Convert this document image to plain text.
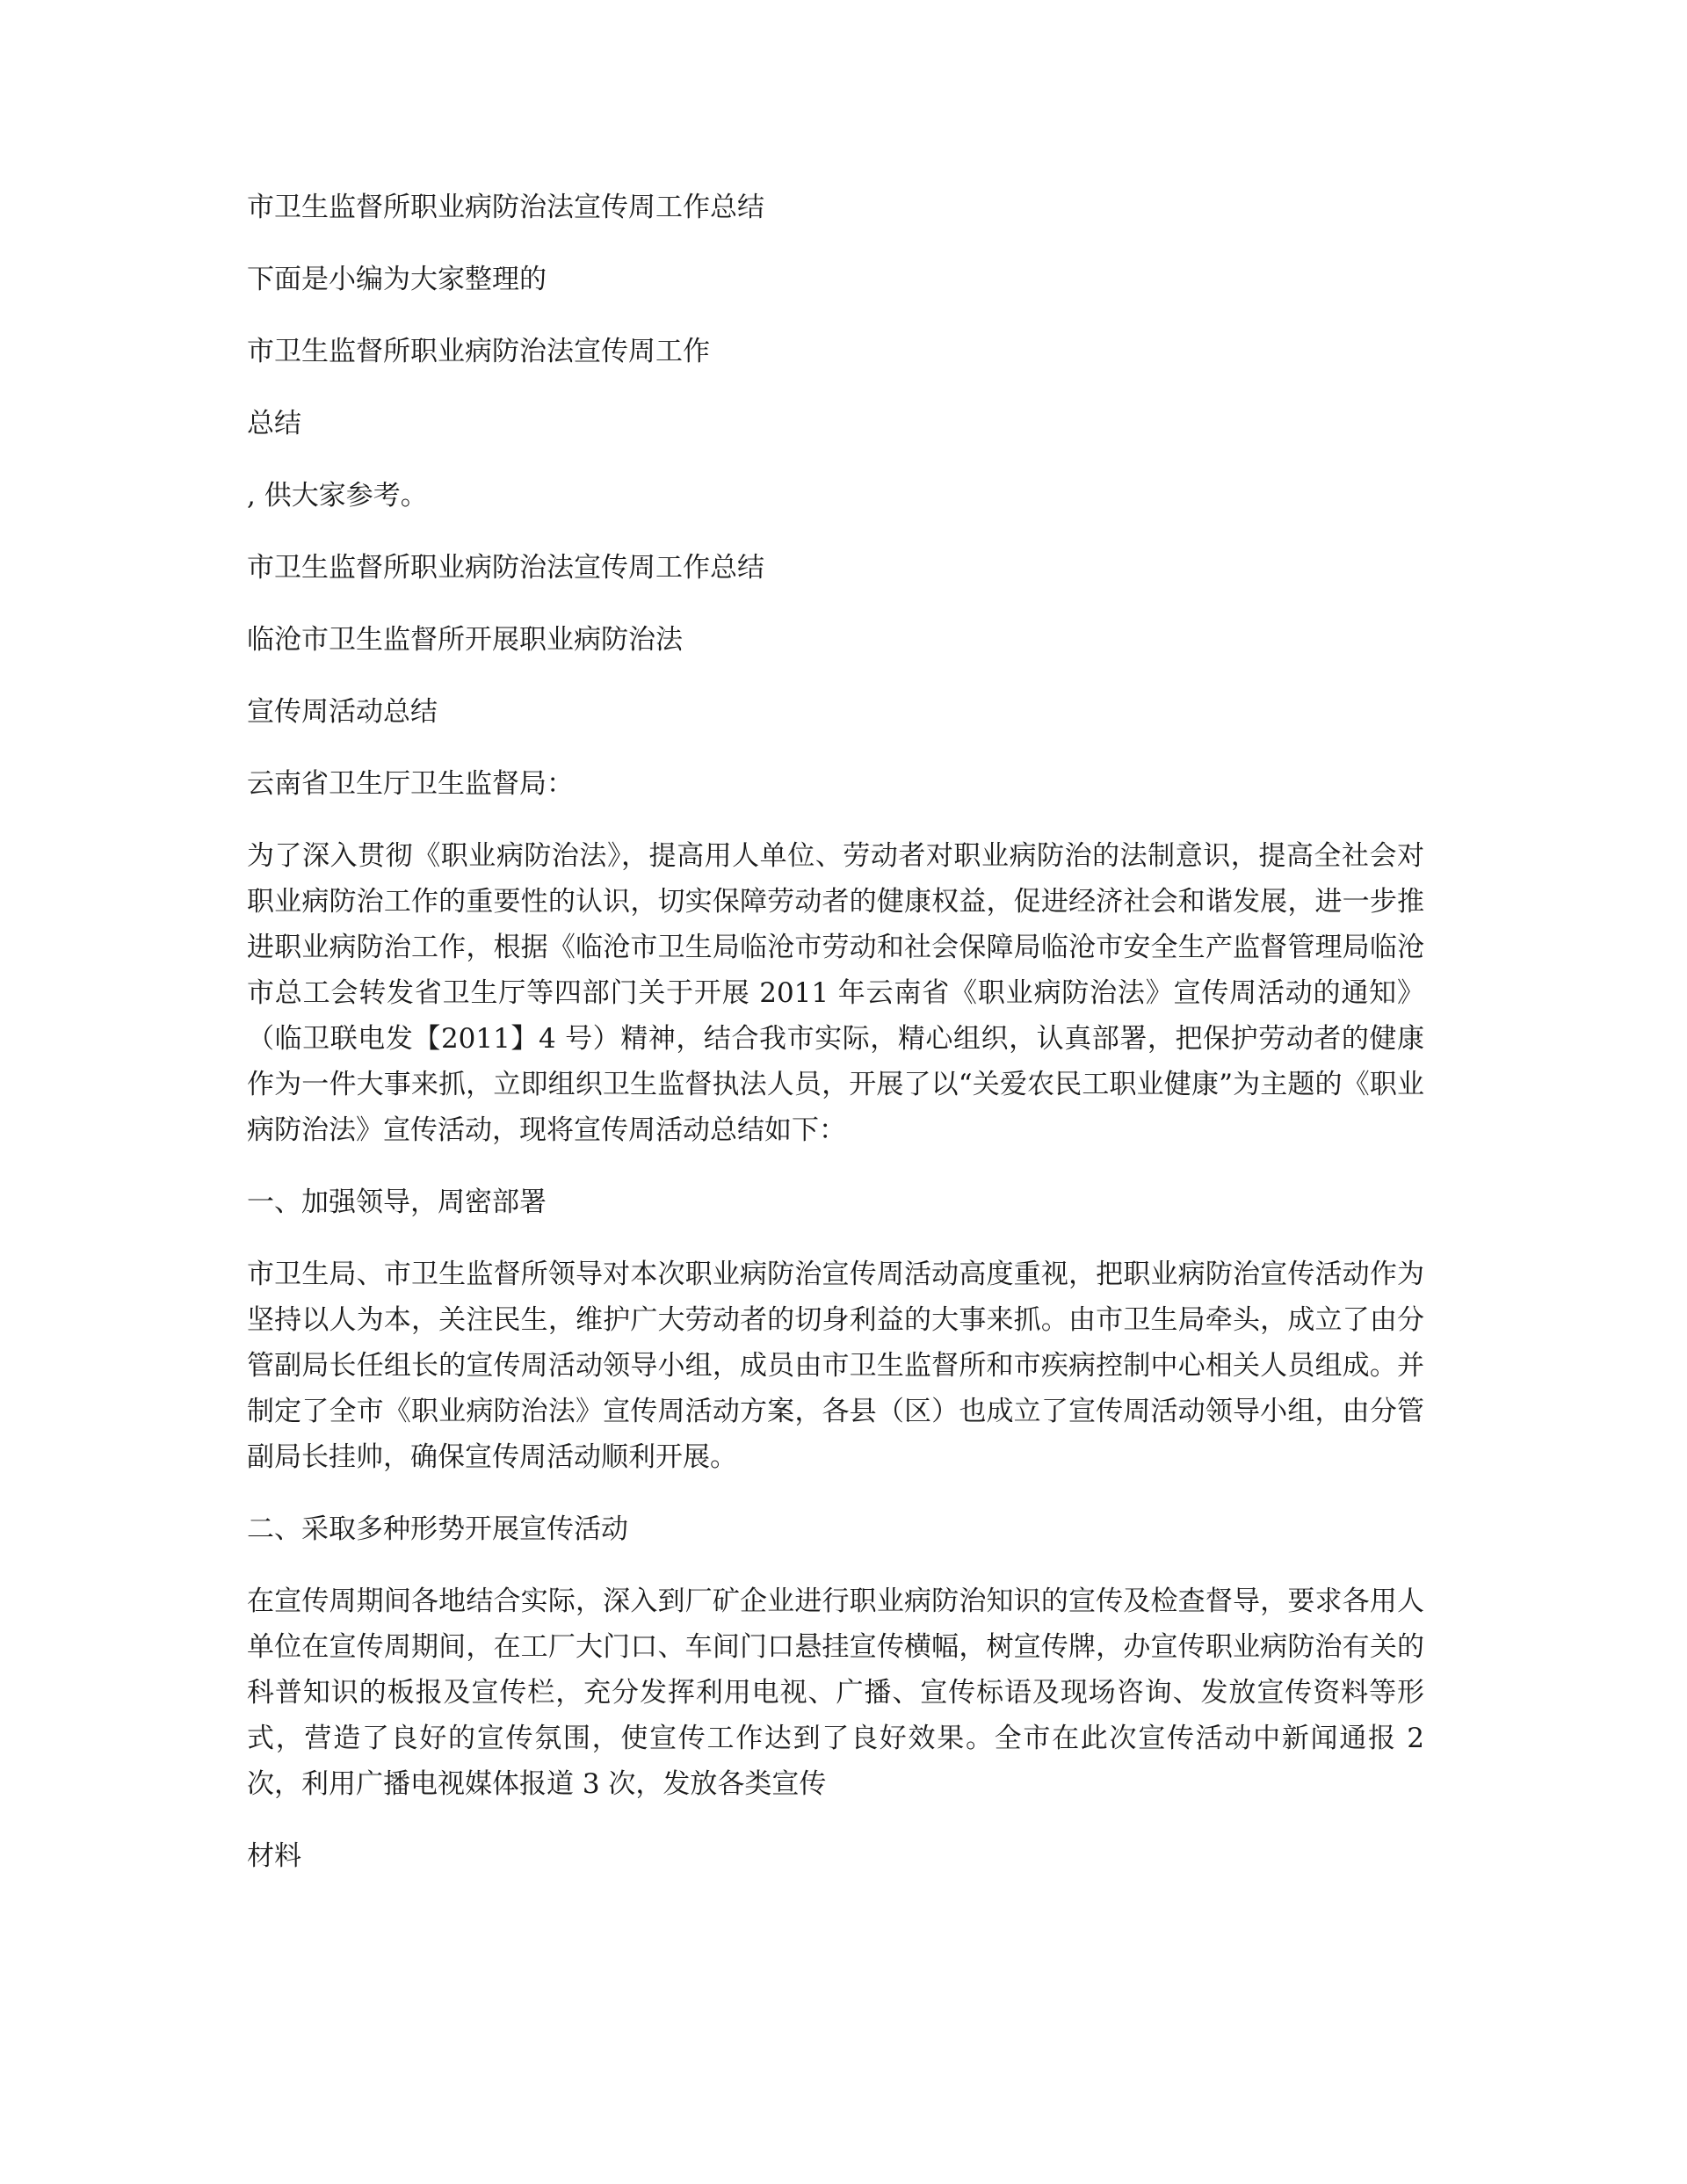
市卫生监督所职业病防治法宣传周工作总结

下面是小编为大家整理的

市卫生监督所职业病防治法宣传周工作

总结

, 供大家参考。

市卫生监督所职业病防治法宣传周工作总结

临沧市卫生监督所开展职业病防治法

宣传周活动总结

云南省卫生厅卫生监督局：

为了深入贯彻《职业病防治法》，提高用人单位、劳动者对职业病防治的法制意识，提高全社会对职业病防治工作的重要性的认识，切实保障劳动者的健康权益，促进经济社会和谐发展，进一步推进职业病防治工作，根据《临沧市卫生局临沧市劳动和社会保障局临沧市安全生产监督管理局临沧市总工会转发省卫生厅等四部门关于开展 2011 年云南省《职业病防治法》宣传周活动的通知》（临卫联电发【2011】4 号）精神，结合我市实际，精心组织，认真部署，把保护劳动者的健康作为一件大事来抓，立即组织卫生监督执法人员，开展了以“关爱农民工职业健康”为主题的《职业病防治法》宣传活动，现将宣传周活动总结如下：

一、加强领导，周密部署

市卫生局、市卫生监督所领导对本次职业病防治宣传周活动高度重视，把职业病防治宣传活动作为坚持以人为本，关注民生，维护广大劳动者的切身利益的大事来抓。由市卫生局牵头，成立了由分管副局长任组长的宣传周活动领导小组，成员由市卫生监督所和市疾病控制中心相关人员组成。并制定了全市《职业病防治法》宣传周活动方案，各县（区）也成立了宣传周活动领导小组，由分管副局长挂帅，确保宣传周活动顺利开展。

二、采取多种形势开展宣传活动

在宣传周期间各地结合实际，深入到厂矿企业进行职业病防治知识的宣传及检查督导，要求各用人单位在宣传周期间，在工厂大门口、车间门口悬挂宣传横幅，树宣传牌，办宣传职业病防治有关的科普知识的板报及宣传栏，充分发挥利用电视、广播、宣传标语及现场咨询、发放宣传资料等形式，营造了良好的宣传氛围，使宣传工作达到了良好效果。全市在此次宣传活动中新闻通报 2 次，利用广播电视媒体报道 3 次，发放各类宣传

材料
